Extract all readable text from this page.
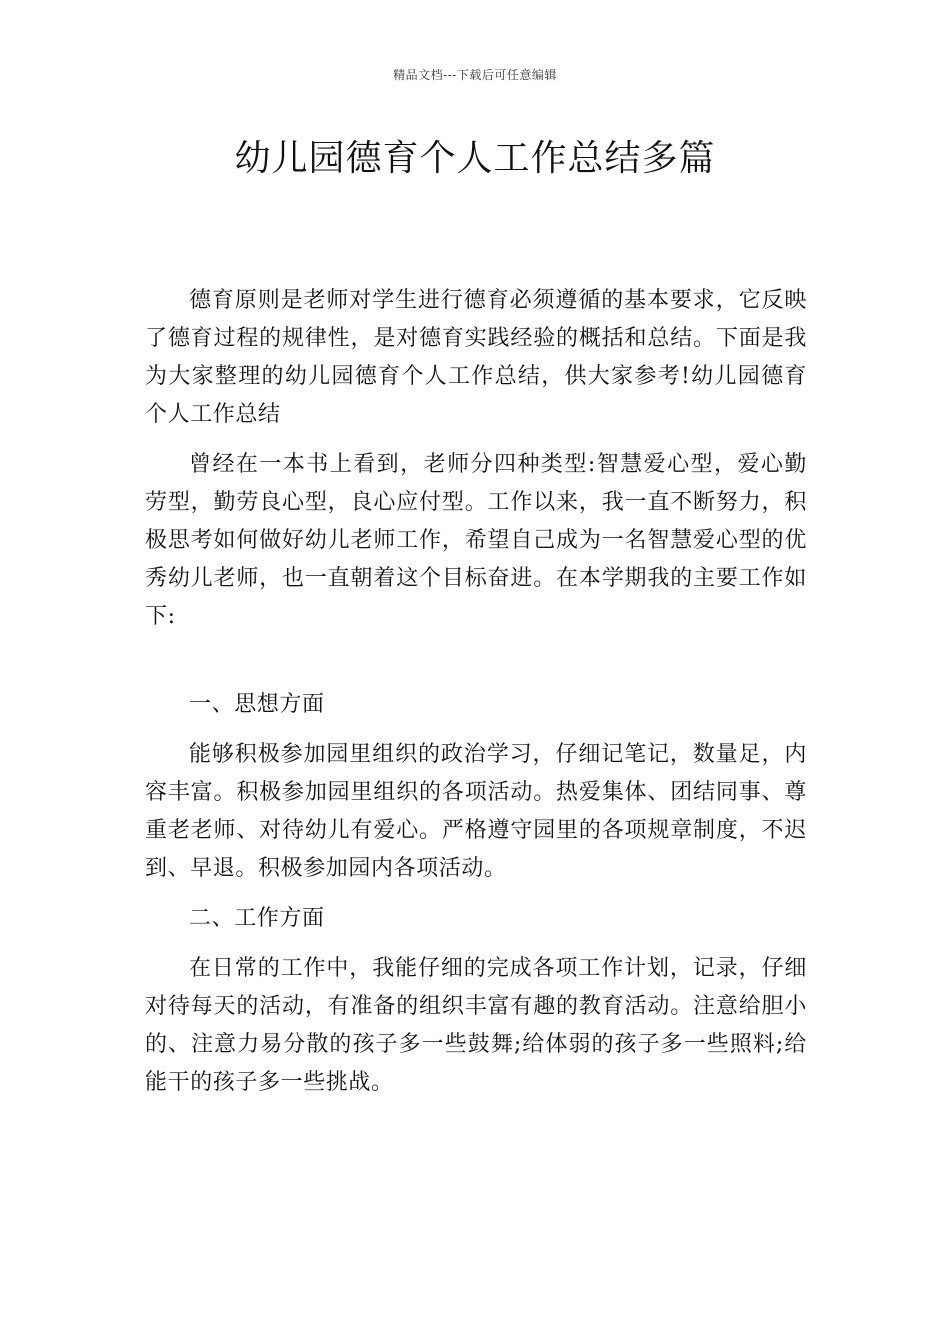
精品文档---下载后可任意编辑
幼儿园德育个人工作总结多篇

德育原则是老师对学生进行德育必须遵循的基本要求，它反映了德育过程的规律性，是对德育实践经验的概括和总结。下面是我为大家整理的幼儿园德育个人工作总结，供大家参考!幼儿园德育个人工作总结

曾经在一本书上看到，老师分四种类型:智慧爱心型，爱心勤劳型，勤劳良心型，良心应付型。工作以来，我一直不断努力，积极思考如何做好幼儿老师工作，希望自己成为一名智慧爱心型的优秀幼儿老师，也一直朝着这个目标奋进。在本学期我的主要工作如下:

一、思想方面

能够积极参加园里组织的政治学习，仔细记笔记，数量足，内容丰富。积极参加园里组织的各项活动。热爱集体、团结同事、尊重老老师、对待幼儿有爱心。严格遵守园里的各项规章制度，不迟到、早退。积极参加园内各项活动。

二、工作方面

在日常的工作中，我能仔细的完成各项工作计划，记录，仔细对待每天的活动，有准备的组织丰富有趣的教育活动。注意给胆小的、注意力易分散的孩子多一些鼓舞;给体弱的孩子多一些照料;给能干的孩子多一些挑战。
